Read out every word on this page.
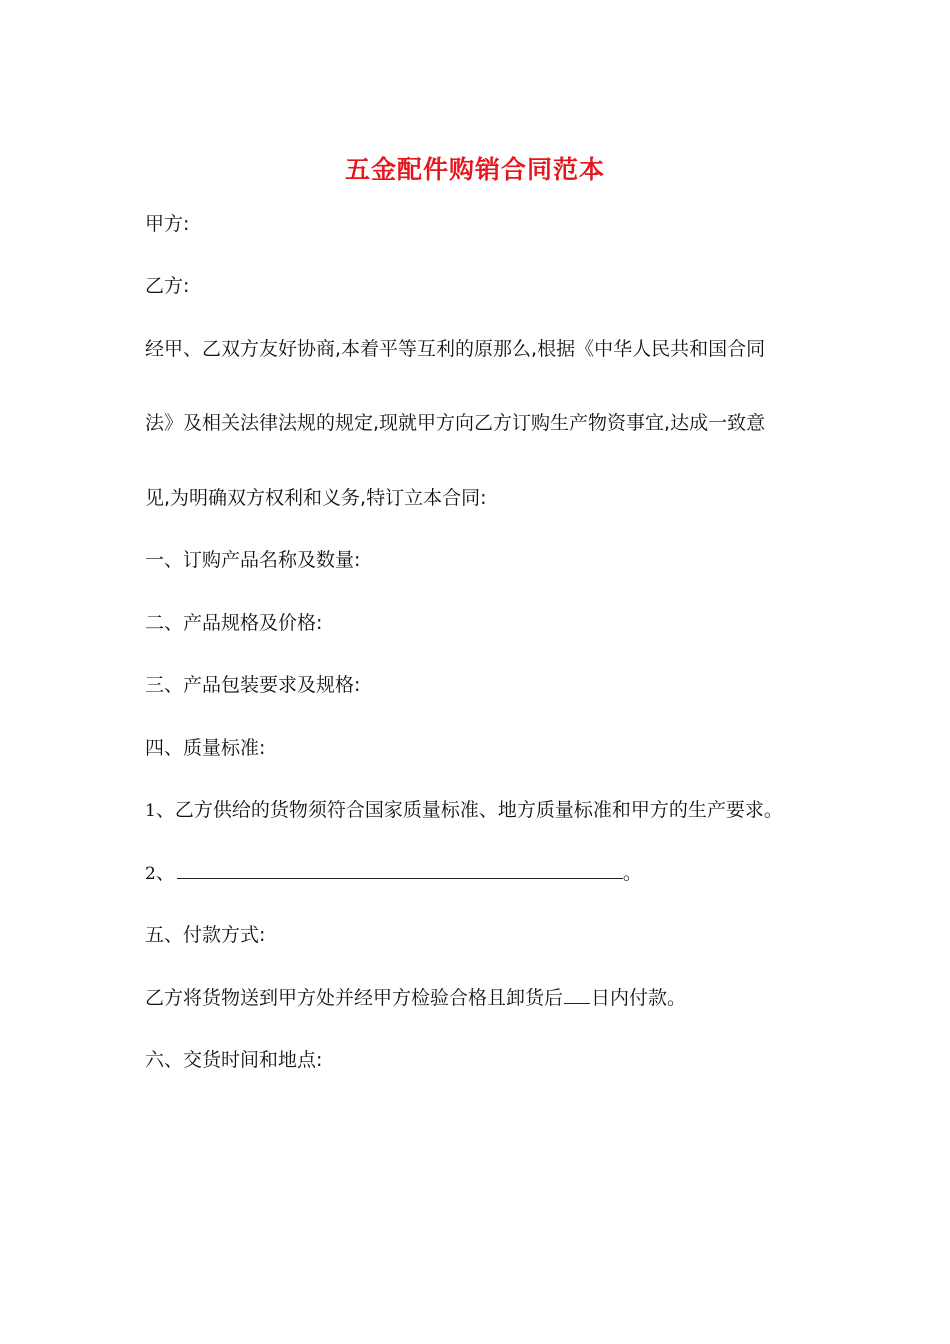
五金配件购销合同范本
甲方:
乙方:
经甲、乙双方友好协商,本着平等互利的原那么,根据《中华人民共和国合同
法》及相关法律法规的规定,现就甲方向乙方订购生产物资事宜,达成一致意
见,为明确双方权利和义务,特订立本合同:
一、订购产品名称及数量:
二、产品规格及价格:
三、产品包装要求及规格:
四、质量标准:
1、乙方供给的货物须符合国家质量标准、地方质量标准和甲方的生产要求。
2、	。
五、付款方式:
乙方将货物送到甲方处并经甲方检验合格且卸货后 日内付款。
六、交货时间和地点:
